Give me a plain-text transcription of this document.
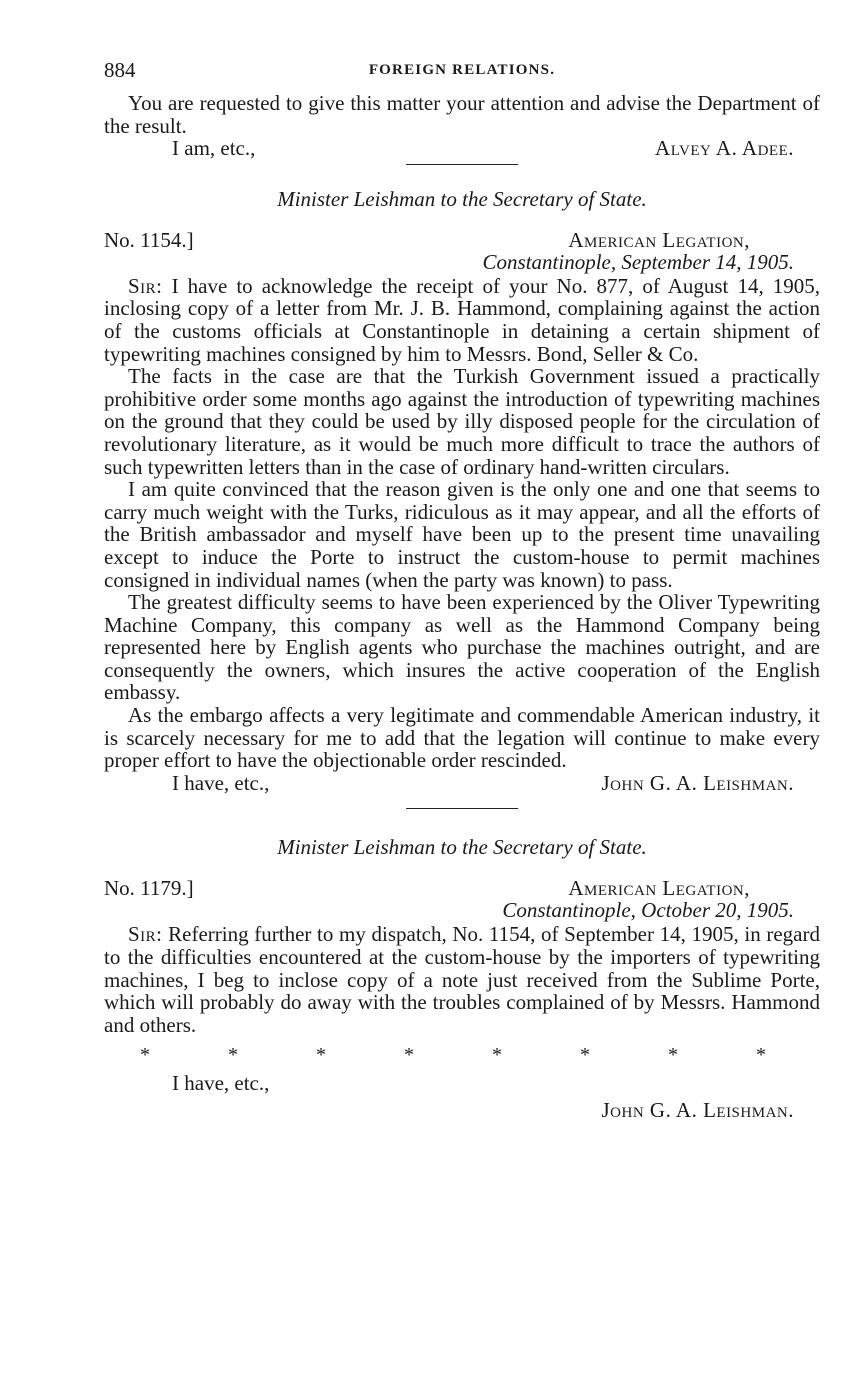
884	FOREIGN RELATIONS.

You are requested to give this matter your attention and advise the Department of the result.

I am, etc.,	Alvey A. Adee.
Minister Leishman to the Secretary of State.
No. 1154.]	American Legation,
Constantinople, September 14, 1905.

Sir: I have to acknowledge the receipt of your No. 877, of August 14, 1905, inclosing copy of a letter from Mr. J. B. Hammond, complaining against the action of the customs officials at Constantinople in detaining a certain shipment of typewriting machines consigned by him to Messrs. Bond, Seller & Co.

The facts in the case are that the Turkish Government issued a practically prohibitive order some months ago against the introduction of typewriting machines on the ground that they could be used by illy disposed people for the circulation of revolutionary literature, as it would be much more difficult to trace the authors of such typewritten letters than in the case of ordinary hand-written circulars.

I am quite convinced that the reason given is the only one and one that seems to carry much weight with the Turks, ridiculous as it may appear, and all the efforts of the British ambassador and myself have been up to the present time unavailing except to induce the Porte to instruct the custom-house to permit machines consigned in individual names (when the party was known) to pass.

The greatest difficulty seems to have been experienced by the Oliver Typewriting Machine Company, this company as well as the Hammond Company being represented here by English agents who purchase the machines outright, and are consequently the owners, which insures the active cooperation of the English embassy.

As the embargo affects a very legitimate and commendable American industry, it is scarcely necessary for me to add that the legation will continue to make every proper effort to have the objectionable order rescinded.

I have, etc.,	John G. A. Leishman.
Minister Leishman to the Secretary of State.
No. 1179.]	American Legation,
Constantinople, October 20, 1905.

Sir: Referring further to my dispatch, No. 1154, of September 14, 1905, in regard to the difficulties encountered at the custom-house by the importers of typewriting machines, I beg to inclose copy of a note just received from the Sublime Porte, which will probably do away with the troubles complained of by Messrs. Hammond and others.

*	*	*	*	*	*	*	*
I have, etc.,
John G. A. Leishman.
